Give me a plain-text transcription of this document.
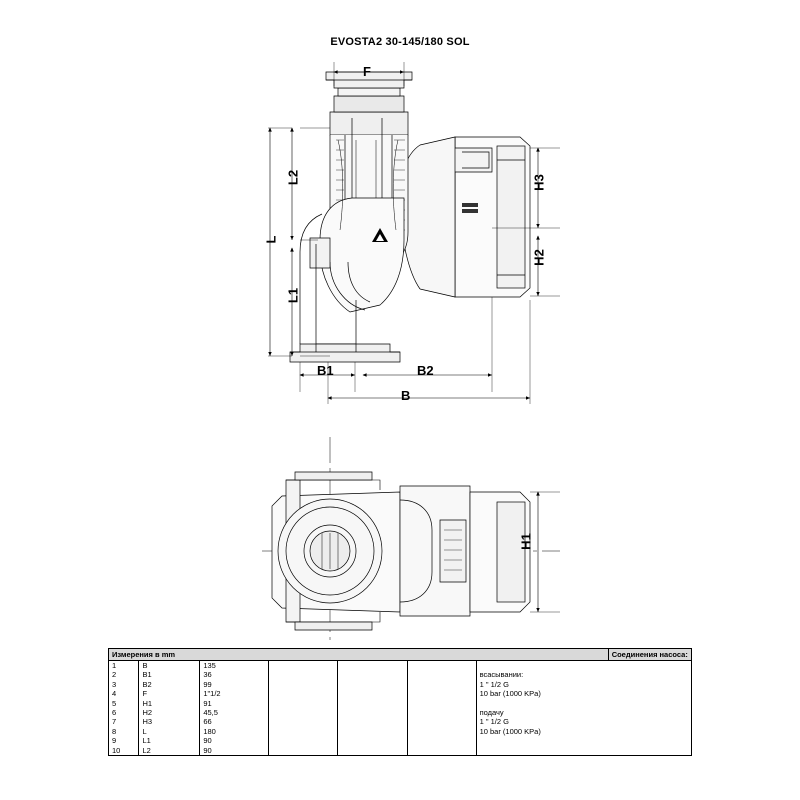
EVOSTA2 30-145/180 SOL
F
L2
L1
L
H3
H2
B1	B2
B
H1
Измерения в mm	Соединения насоса:
1	B	135				
2	B1	36				всасывании:
3	B2	99				1 " 1/2 G
4	F	1"1/2				10 bar (1000 KPa)
5	H1	91				
6	H2	45,5				подачу
7	H3	66				1 " 1/2 G
8	L	180				10 bar (1000 KPa)
9	L1	90				
10	L2	90				
